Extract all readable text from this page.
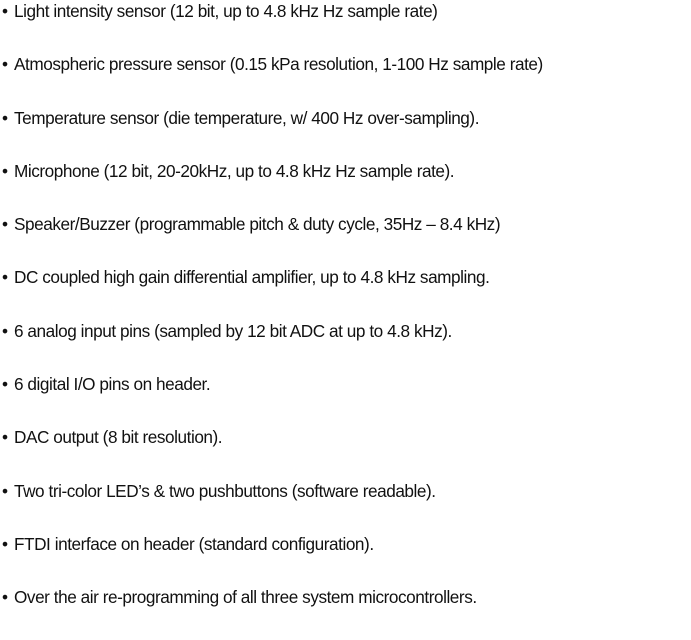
• Light intensity sensor (12 bit, up to 4.8 kHz Hz sample rate)
• Atmospheric pressure sensor (0.15 kPa resolution, 1-100 Hz sample rate)
• Temperature sensor (die temperature, w/ 400 Hz over-sampling).
• Microphone (12 bit, 20-20kHz, up to 4.8 kHz Hz sample rate).
• Speaker/Buzzer (programmable pitch & duty cycle, 35Hz – 8.4 kHz)
• DC coupled high gain differential amplifier, up to 4.8 kHz sampling.
• 6 analog input pins (sampled by 12 bit ADC at up to 4.8 kHz).
• 6 digital I/O pins on header.
• DAC output (8 bit resolution).
• Two tri-color LED’s & two pushbuttons (software readable).
• FTDI interface on header (standard configuration).
• Over the air re-programming of all three system microcontrollers.
